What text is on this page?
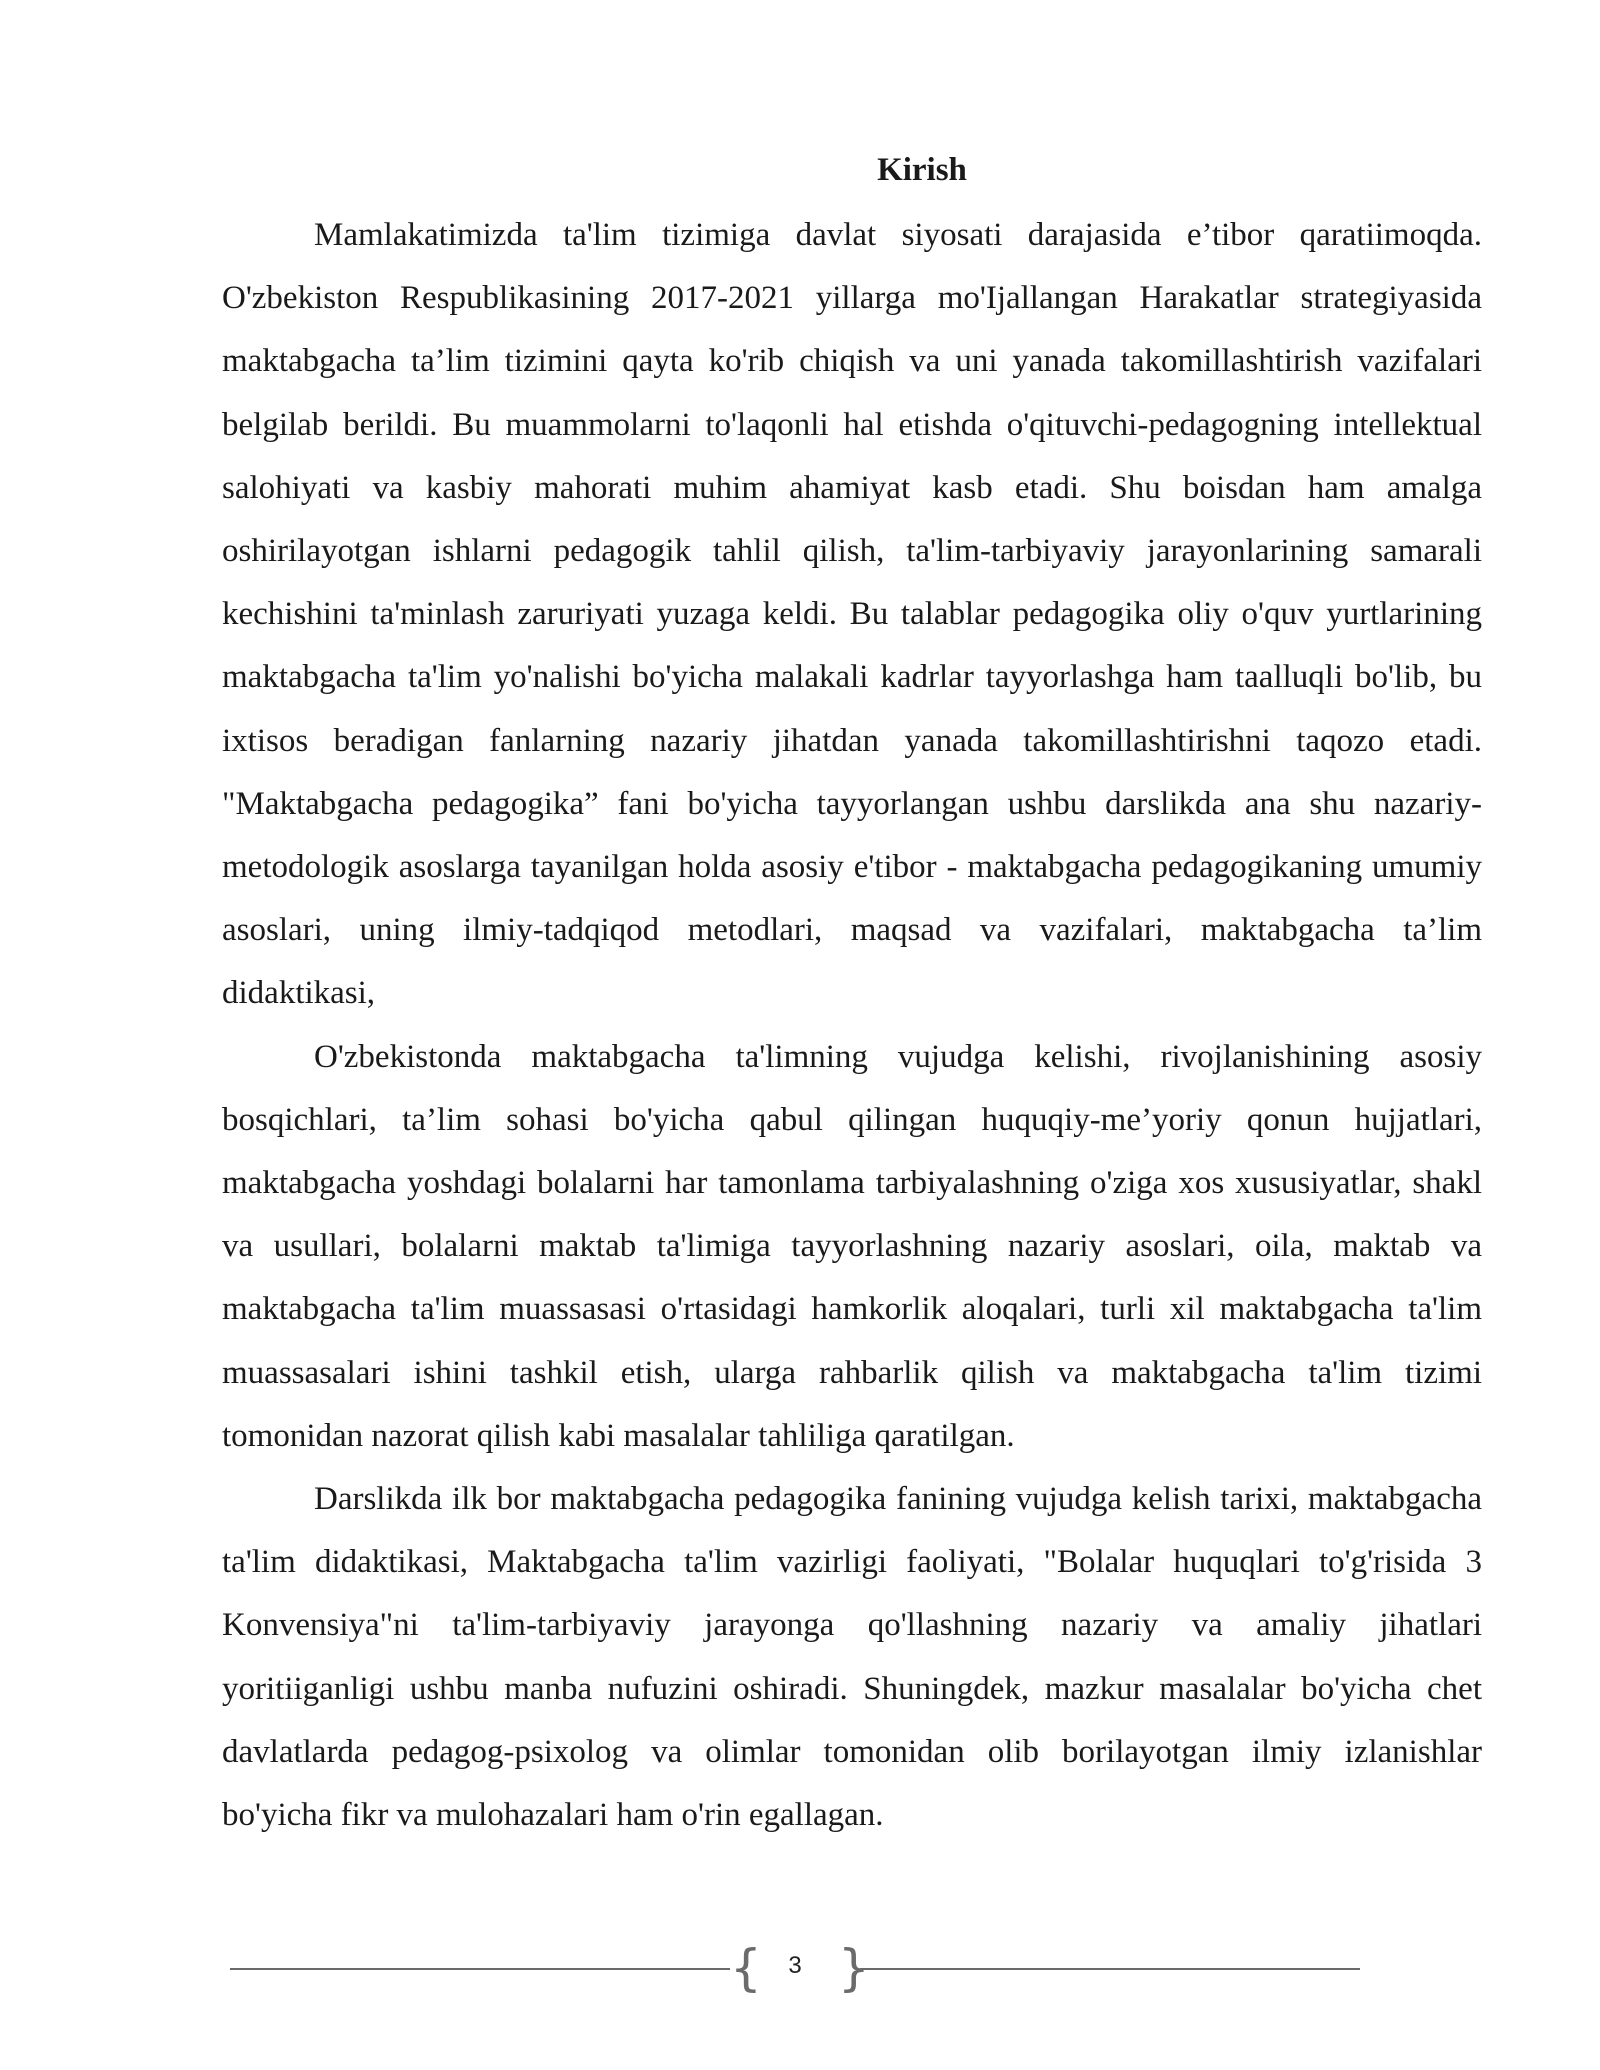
Kirish

Mamlakatimizda ta'lim tizimiga davlat siyosati darajasida e’tibor qaratiimoqda. O'zbekiston Respublikasining 2017-2021 yillarga mo'Ijallangan Harakatlar strategiyasida maktabgacha ta’lim tizimini qayta ko'rib chiqish va uni yanada takomillashtirish vazifalari belgilab berildi. Bu muammolarni to'laqonli hal etishda o'qituvchi-pedagogning intellektual salohiyati va kasbiy mahorati muhim ahamiyat kasb etadi. Shu boisdan ham amalga oshirilayotgan ishlarni pedagogik tahlil qilish, ta'lim-tarbiyaviy jarayonlarining samarali kechishini ta'minlash zaruriyati yuzaga keldi. Bu talablar pedagogika oliy o'quv yurtlarining maktabgacha ta'lim yo'nalishi bo'yicha malakali kadrlar tayyorlashga ham taalluqli bo'lib, bu ixtisos beradigan fanlarning nazariy jihatdan yanada takomillashtirishni taqozo etadi. "Maktabgacha pedagogika” fani bo'yicha tayyorlangan ushbu darslikda ana shu nazariy-metodologik asoslarga tayanilgan holda asosiy e'tibor - maktabgacha pedagogikaning umumiy asoslari, uning ilmiy-tadqiqod metodlari, maqsad va vazifalari, maktabgacha ta’lim didaktikasi,

O'zbekistonda maktabgacha ta'limning vujudga kelishi, rivojlanishining asosiy bosqichlari, ta’lim sohasi bo'yicha qabul qilingan huquqiy-me’yoriy qonun hujjatlari, maktabgacha yoshdagi bolalarni har tamonlama tarbiyalashning o'ziga xos xususiyatlar, shakl va usullari, bolalarni maktab ta'limiga tayyorlashning nazariy asoslari, oila, maktab va maktabgacha ta'lim muassasasi o'rtasidagi hamkorlik aloqalari, turli xil maktabgacha ta'lim muassasalari ishini tashkil etish, ularga rahbarlik qilish va maktabgacha ta'lim tizimi tomonidan nazorat qilish kabi masalalar tahliliga qaratilgan.

Darslikda ilk bor maktabgacha pedagogika fanining vujudga kelish tarixi, maktabgacha ta'lim didaktikasi, Maktabgacha ta'lim vazirligi faoliyati, "Bolalar huquqlari to'g'risida 3 Konvensiya"ni ta'lim-tarbiyaviy jarayonga qo'llashning nazariy va amaliy jihatlari yoritiiganligi ushbu manba nufuzini oshiradi. Shuningdek, mazkur masalalar bo'yicha chet davlatlarda pedagog-psixolog va olimlar tomonidan olib borilayotgan ilmiy izlanishlar bo'yicha fikr va mulohazalari ham o'rin egallagan.

{	3 }
